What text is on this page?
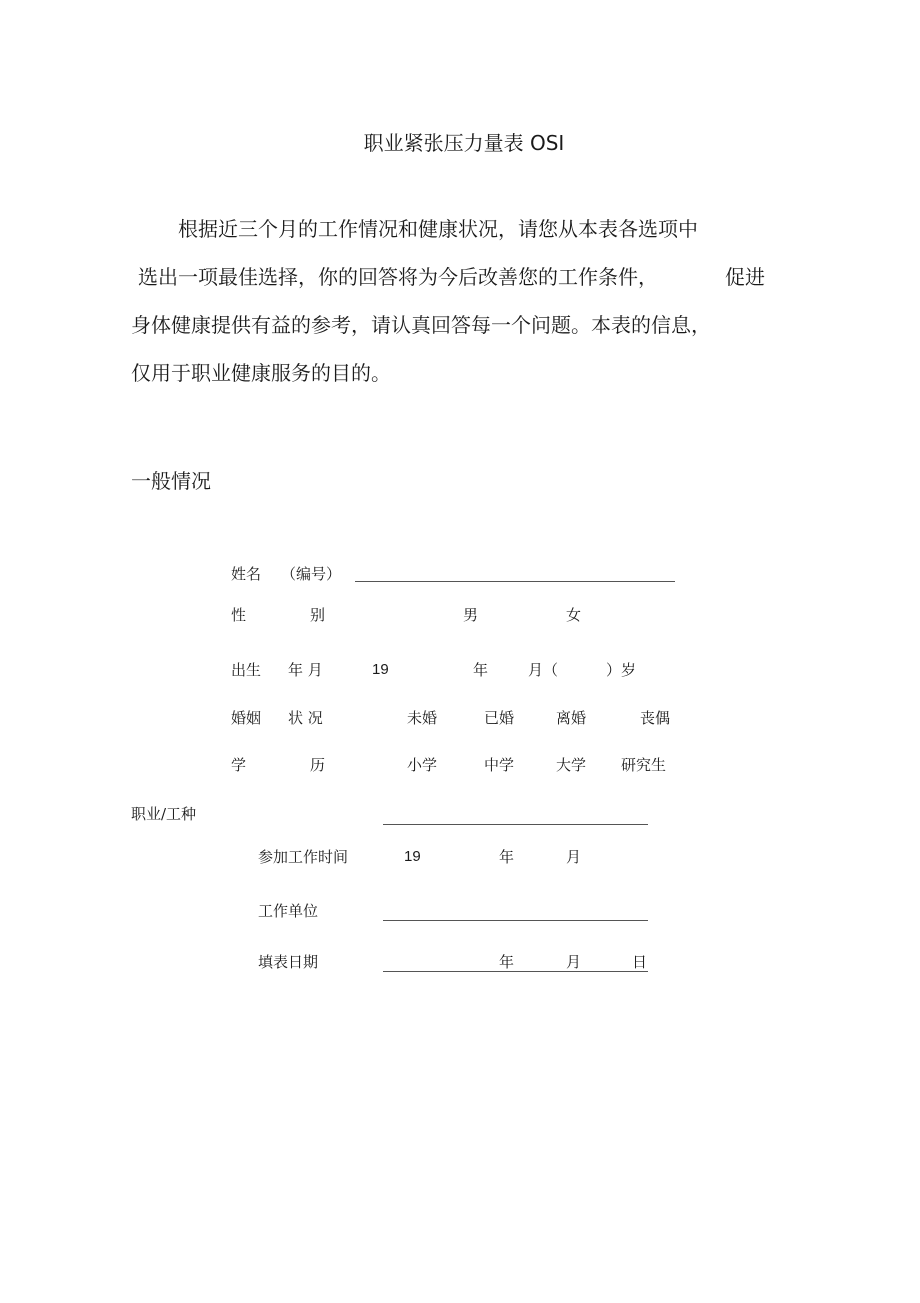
职业紧张压力量表 OSI
根据近三个月的工作情况和健康状况，请您从本表各选项中
选出一项最佳选择，你的回答将为今后改善您的工作条件，	促进
身体健康提供有益的参考，请认真回答每一个问题。本表的信息，
仅用于职业健康服务的目的。
一般情况
姓名 （编号）
性	别	男	女
出生 年 月	19	年	月（	）岁
婚姻 状 况	未婚	已婚	离婚	丧偶
学	历	小学	中学	大学 研究生
职业/工种
参加工作时间	19	年	月
工作单位
填表日期	年	月	日
